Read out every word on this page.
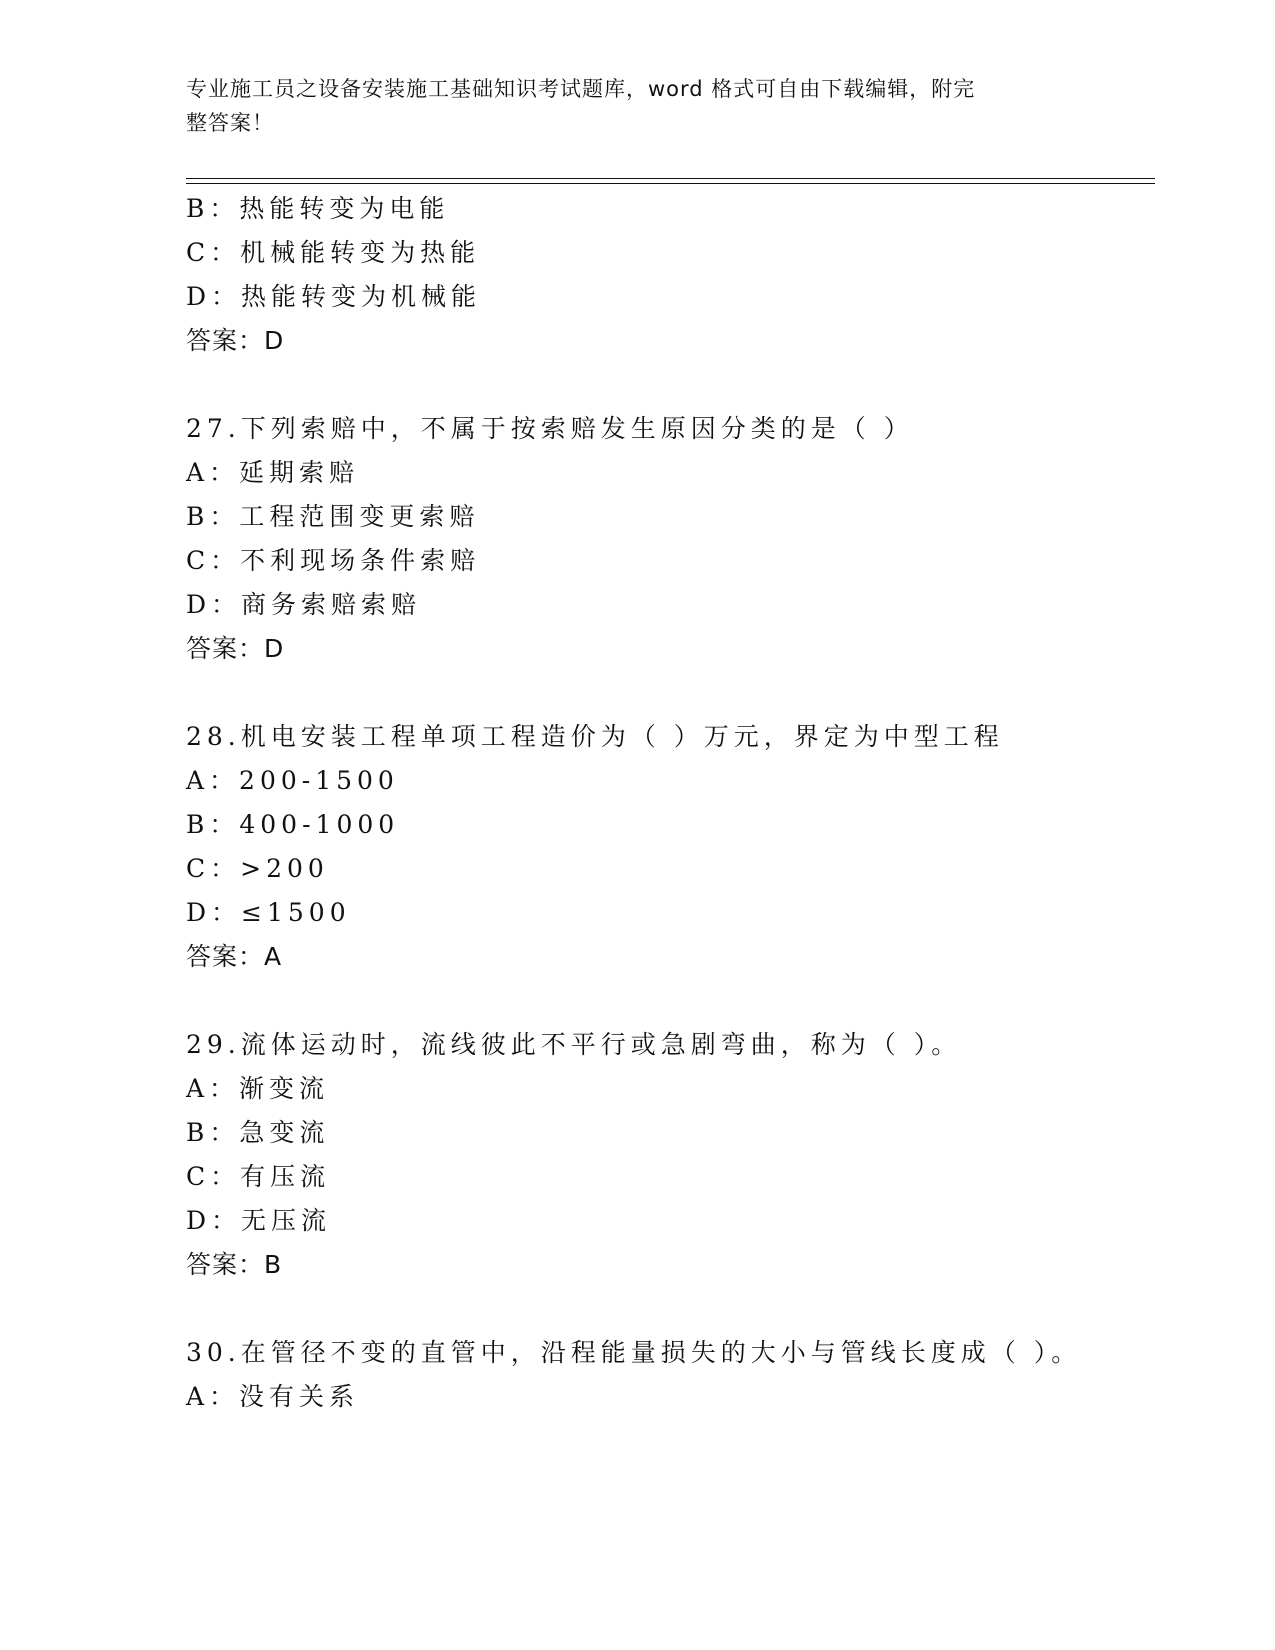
专业施工员之设备安装施工基础知识考试题库，word 格式可自由下载编辑，附完
整答案！
B：热能转变为电能
C：机械能转变为热能
D：热能转变为机械能
答案：D
27.下列索赔中，不属于按索赔发生原因分类的是（ ）
A：延期索赔
B：工程范围变更索赔
C：不利现场条件索赔
D：商务索赔索赔
答案：D
28.机电安装工程单项工程造价为（ ）万元，界定为中型工程
A：200-1500
B：400-1000
C：>200
D：≤1500
答案：A
29.流体运动时，流线彼此不平行或急剧弯曲，称为（ ）。
A：渐变流
B：急变流
C：有压流
D：无压流
答案：B
30.在管径不变的直管中，沿程能量损失的大小与管线长度成（ ）。
A：没有关系
